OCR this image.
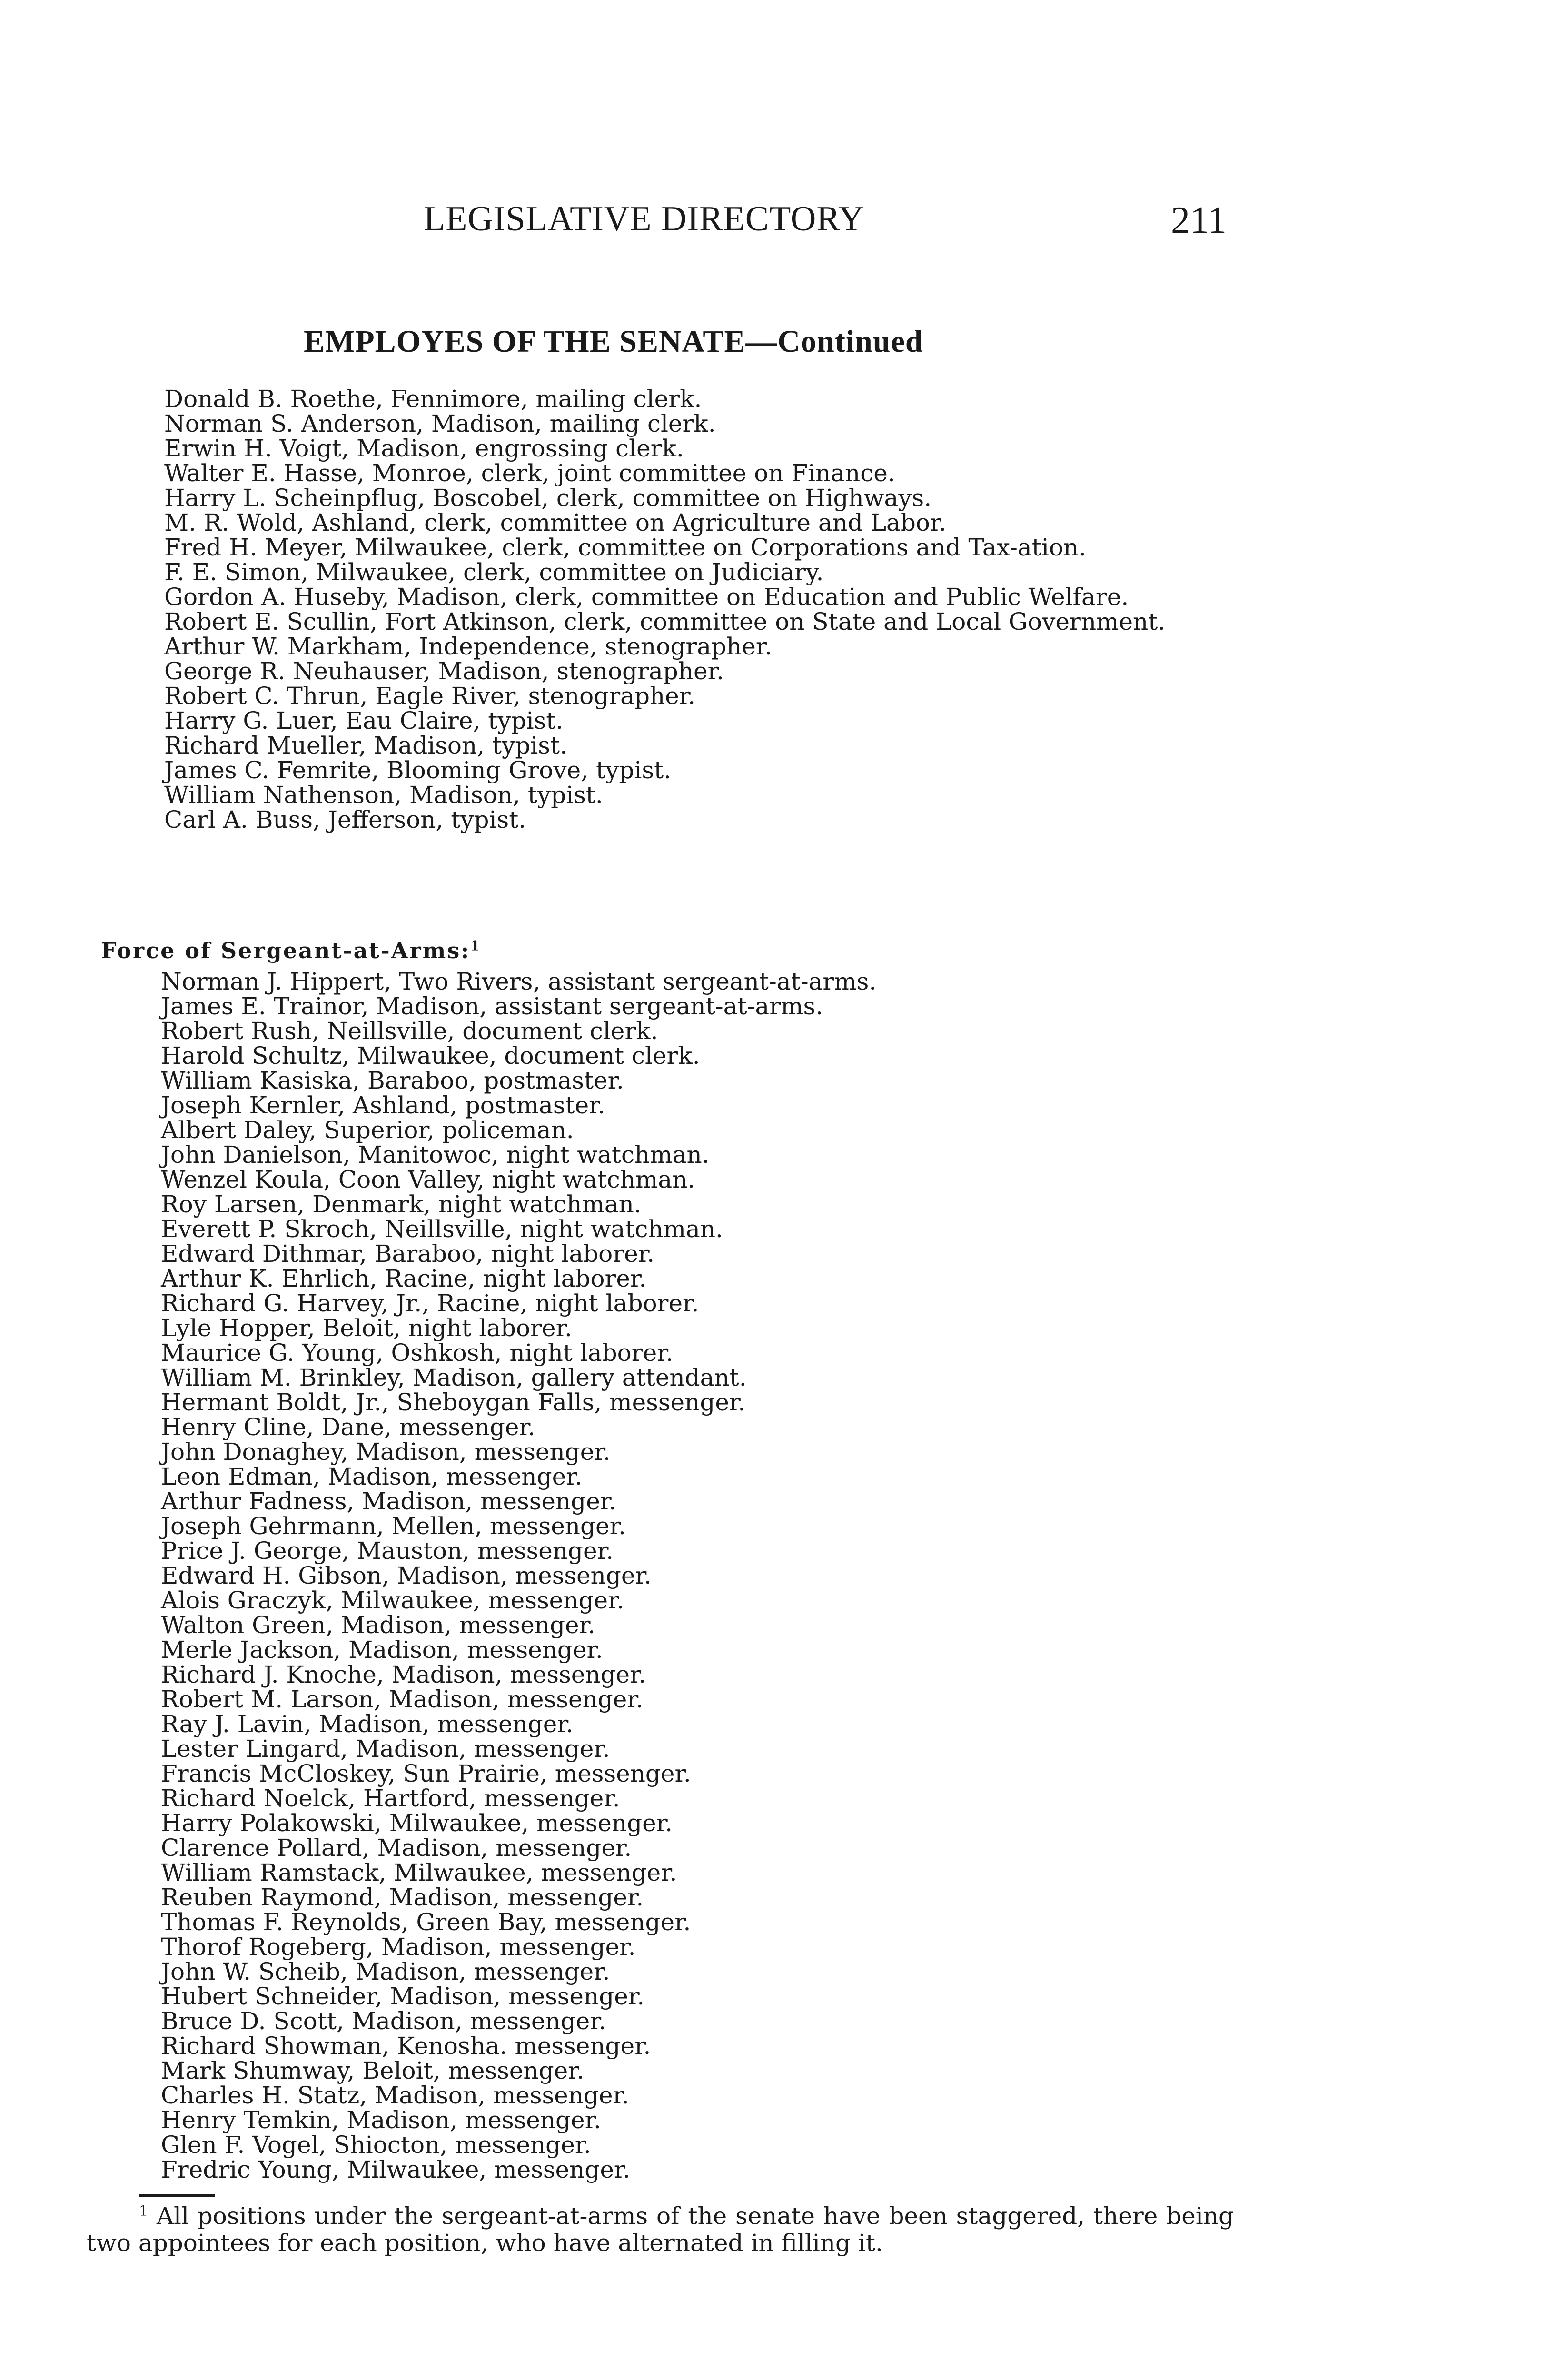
LEGISLATIVE DIRECTORY	211
EMPLOYES OF THE SENATE—Continued
Donald B. Roethe, Fennimore, mailing clerk.
Norman S. Anderson, Madison, mailing clerk.
Erwin H. Voigt, Madison, engrossing clerk.
Walter E. Hasse, Monroe, clerk, joint committee on Finance.
Harry L. Scheinpflug, Boscobel, clerk, committee on Highways.
M. R. Wold, Ashland, clerk, committee on Agriculture and Labor.
Fred H. Meyer, Milwaukee, clerk, committee on Corporations and Tax-ation.
F. E. Simon, Milwaukee, clerk, committee on Judiciary.
Gordon A. Huseby, Madison, clerk, committee on Education and Public Welfare.
Robert E. Scullin, Fort Atkinson, clerk, committee on State and Local Government.
Arthur W. Markham, Independence, stenographer.
George R. Neuhauser, Madison, stenographer.
Robert C. Thrun, Eagle River, stenographer.
Harry G. Luer, Eau Claire, typist.
Richard Mueller, Madison, typist.
James C. Femrite, Blooming Grove, typist.
William Nathenson, Madison, typist.
Carl A. Buss, Jefferson, typist.
Force of Sergeant-at-Arms:$^1$
Norman J. Hippert, Two Rivers, assistant sergeant-at-arms.
James E. Trainor, Madison, assistant sergeant-at-arms.
Robert Rush, Neillsville, document clerk.
Harold Schultz, Milwaukee, document clerk.
William Kasiska, Baraboo, postmaster.
Joseph Kernler, Ashland, postmaster.
Albert Daley, Superior, policeman.
John Danielson, Manitowoc, night watchman.
Wenzel Koula, Coon Valley, night watchman.
Roy Larsen, Denmark, night watchman.
Everett P. Skroch, Neillsville, night watchman.
Edward Dithmar, Baraboo, night laborer.
Arthur K. Ehrlich, Racine, night laborer.
Richard G. Harvey, Jr., Racine, night laborer.
Lyle Hopper, Beloit, night laborer.
Maurice G. Young, Oshkosh, night laborer.
William M. Brinkley, Madison, gallery attendant.
Hermant Boldt, Jr., Sheboygan Falls, messenger.
Henry Cline, Dane, messenger.
John Donaghey, Madison, messenger.
Leon Edman, Madison, messenger.
Arthur Fadness, Madison, messenger.
Joseph Gehrmann, Mellen, messenger.
Price J. George, Mauston, messenger.
Edward H. Gibson, Madison, messenger.
Alois Graczyk, Milwaukee, messenger.
Walton Green, Madison, messenger.
Merle Jackson, Madison, messenger.
Richard J. Knoche, Madison, messenger.
Robert M. Larson, Madison, messenger.
Ray J. Lavin, Madison, messenger.
Lester Lingard, Madison, messenger.
Francis McCloskey, Sun Prairie, messenger.
Richard Noelck, Hartford, messenger.
Harry Polakowski, Milwaukee, messenger.
Clarence Pollard, Madison, messenger.
William Ramstack, Milwaukee, messenger.
Reuben Raymond, Madison, messenger.
Thomas F. Reynolds, Green Bay, messenger.
Thorof Rogeberg, Madison, messenger.
John W. Scheib, Madison, messenger.
Hubert Schneider, Madison, messenger.
Bruce D. Scott, Madison, messenger.
Richard Showman, Kenosha. messenger.
Mark Shumway, Beloit, messenger.
Charles H. Statz, Madison, messenger.
Henry Temkin, Madison, messenger.
Glen F. Vogel, Shiocton, messenger.
Fredric Young, Milwaukee, messenger.
$^1$ All positions under the sergeant-at-arms of the senate have been staggered, there being two appointees for each position, who have alternated in filling it.
